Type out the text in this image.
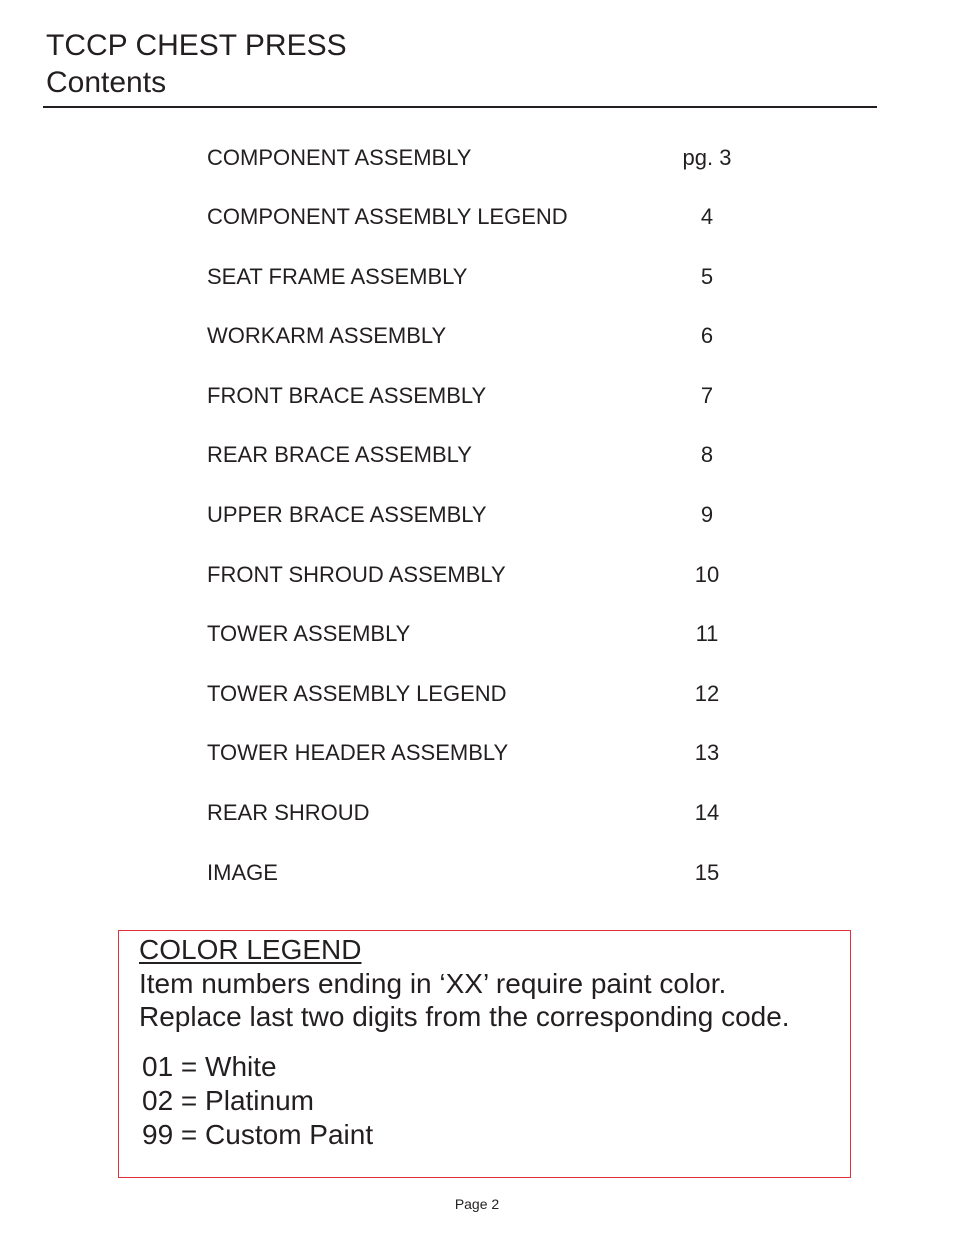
TCCP CHEST PRESS
Contents
COMPONENT ASSEMBLY	pg. 3
COMPONENT ASSEMBLY LEGEND	4
SEAT FRAME ASSEMBLY	5
WORKARM ASSEMBLY	6
FRONT BRACE ASSEMBLY	7
REAR BRACE ASSEMBLY	8
UPPER BRACE ASSEMBLY	9
FRONT SHROUD ASSEMBLY	10
TOWER ASSEMBLY	11
TOWER ASSEMBLY LEGEND	12
TOWER HEADER ASSEMBLY	13
REAR SHROUD	14
IMAGE	15
COLOR LEGEND
Item numbers ending in ‘XX’ require paint color.
Replace last two digits from the corresponding code.
01 = White
02 = Platinum
99 = Custom Paint
Page 2
